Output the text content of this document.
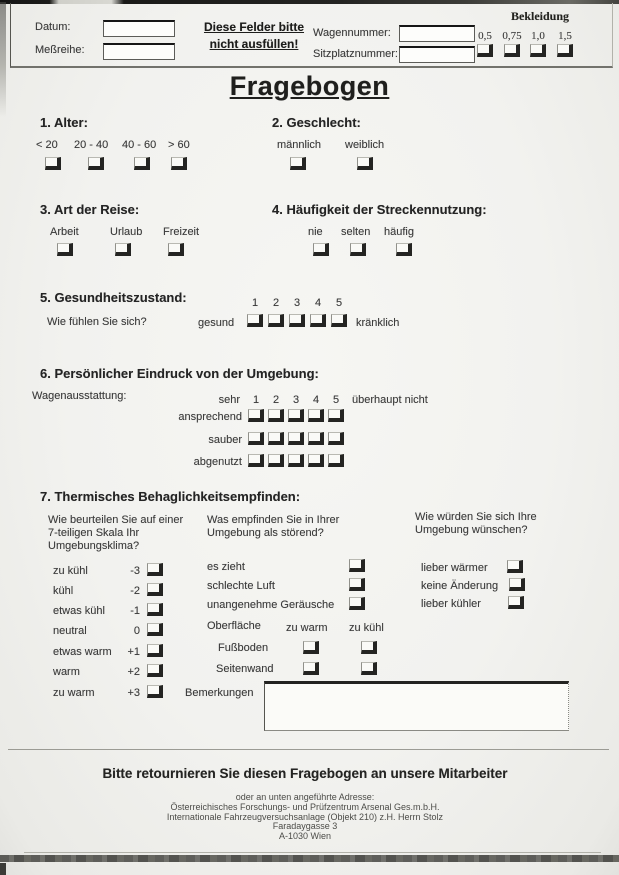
Datum:
Meßreihe:
Diese Felder bitte
nicht ausfüllen!
Wagennummer:
Sitzplatznummer:
Bekleidung
0,5 0,75 1,0	1,5
Fragebogen
1. Alter:
< 20 20 - 40 40 - 60 > 60
2. Geschlecht:
männlich weiblich
3. Art der Reise:
Arbeit	Urlaub Freizeit
4. Häufigkeit der Streckennutzung:
nie selten häufig
5. Gesundheitszustand:	1	2	3	4	5
Wie fühlen Sie sich?	gesund	kränklich
6. Persönlicher Eindruck von der Umgebung:
Wagenausstattung:	sehr	1	2	3	4	5	überhaupt nicht
ansprechend
sauber
abgenutzt
7. Thermisches Behaglichkeitsempfinden:
Wie beurteilen Sie auf einer 7-teiligen Skala Ihr Umgebungsklima?
Was empfinden Sie in Ihrer Umgebung als störend?
Wie würden Sie sich Ihre Umgebung wünschen?
zu kühl	-3
kühl	-2
etwas kühl	-1
neutral	0
etwas warm	+1
warm	+2
zu warm	+3
es zieht
schlechte Luft
unangenehme Geräusche
Oberfläche zu warm zu kühl
Fußboden
Seitenwand
lieber wärmer
keine Änderung
lieber kühler
Bemerkungen
Bitte retournieren Sie diesen Fragebogen an unsere Mitarbeiter
oder an unten angeführte Adresse:
Österreichisches Forschungs- und Prüfzentrum Arsenal Ges.m.b.H.
Internationale Fahrzeugversuchsanlage (Objekt 210) z.H. Herrn Stolz
Faradaygasse 3
A-1030 Wien
